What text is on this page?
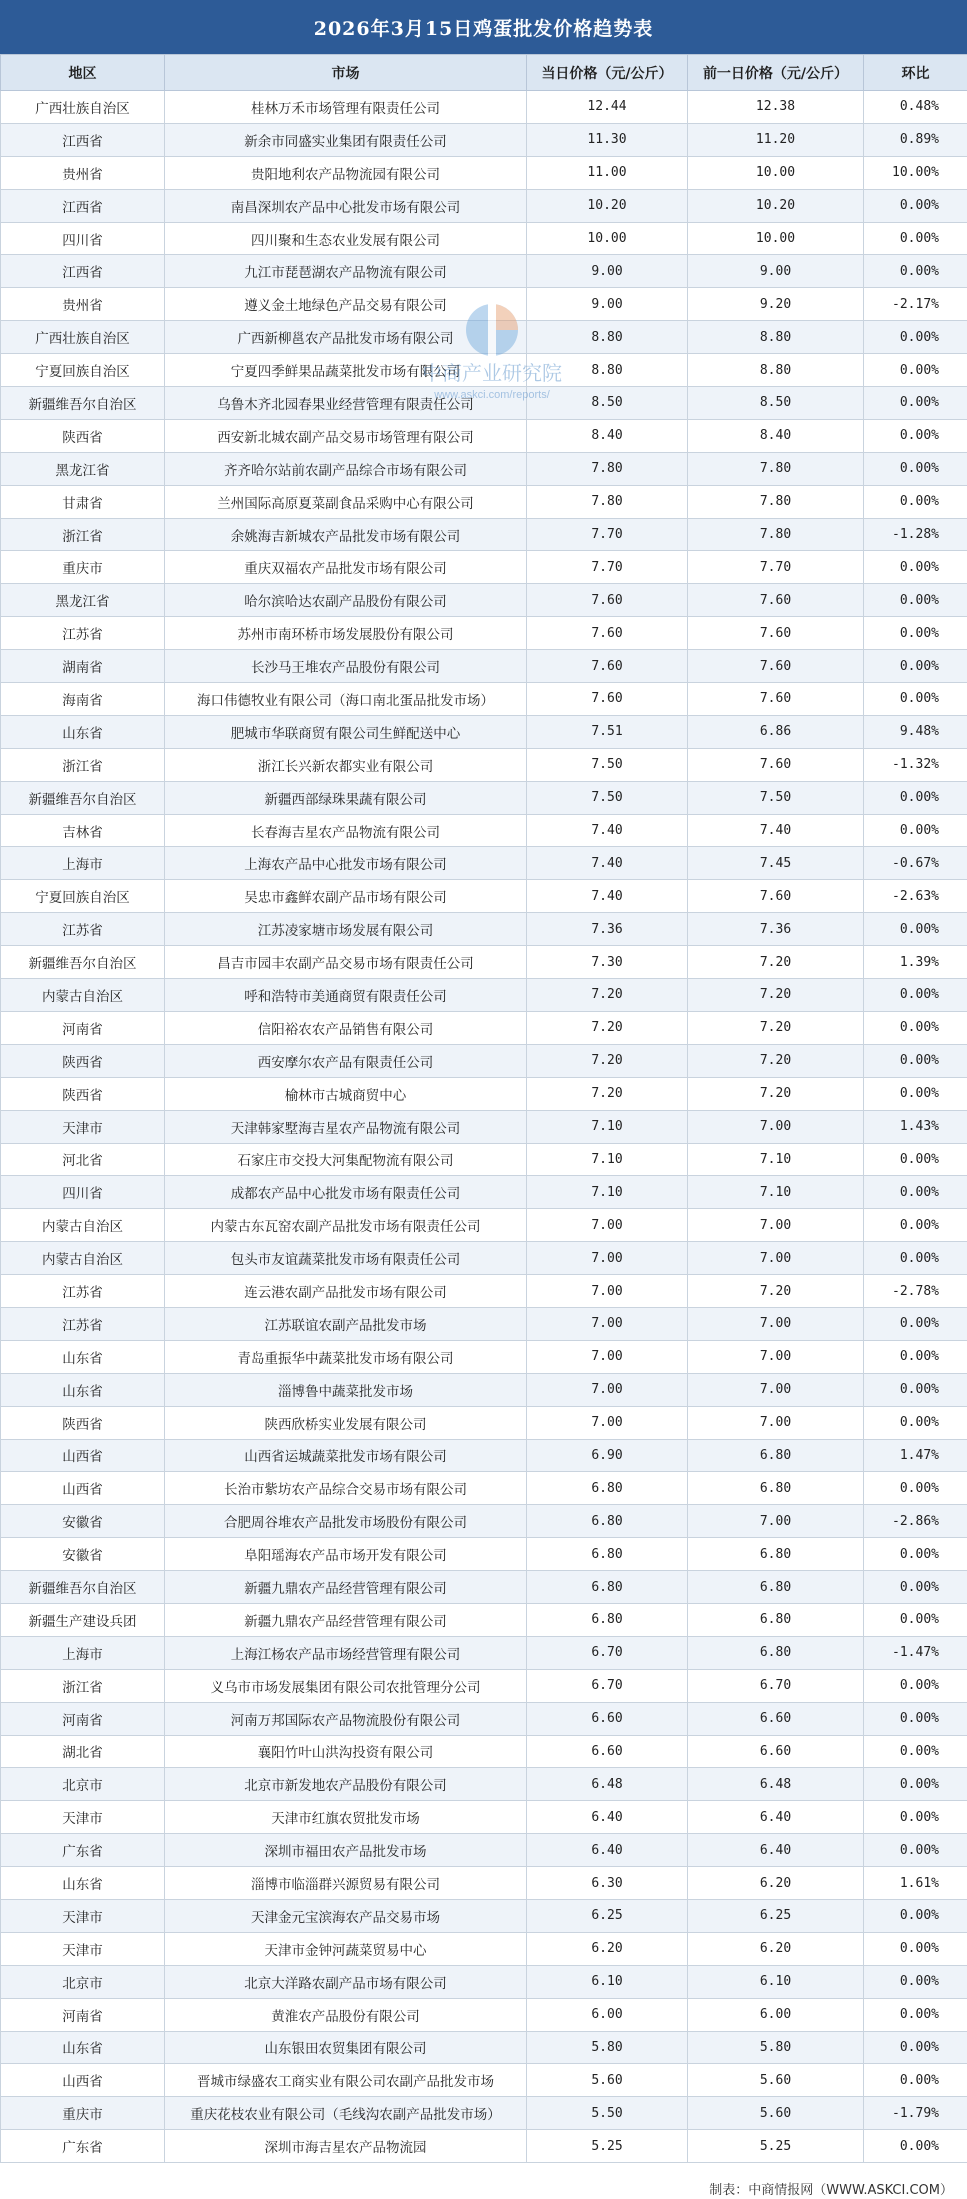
2026年3月15日鸡蛋批发价格趋势表
地区	市场	当日价格（元/公斤）	前一日价格（元/公斤）	环比
广西壮族自治区	桂林万禾市场管理有限责任公司	12.44	12.38	0.48%
江西省	新余市同盛实业集团有限责任公司	11.30	11.20	0.89%
贵州省	贵阳地利农产品物流园有限公司	11.00	10.00	10.00%
江西省	南昌深圳农产品中心批发市场有限公司	10.20	10.20	0.00%
四川省	四川聚和生态农业发展有限公司	10.00	10.00	0.00%
江西省	九江市琵琶湖农产品物流有限公司	9.00	9.00	0.00%
贵州省	遵义金土地绿色产品交易有限公司	9.00	9.20	-2.17%
广西壮族自治区	广西新柳邕农产品批发市场有限公司	8.80	8.80	0.00%
宁夏回族自治区	宁夏四季鲜果品蔬菜批发市场有限公司	8.80	8.80	0.00%
新疆维吾尔自治区	乌鲁木齐北园春果业经营管理有限责任公司	8.50	8.50	0.00%
陕西省	西安新北城农副产品交易市场管理有限公司	8.40	8.40	0.00%
黑龙江省	齐齐哈尔站前农副产品综合市场有限公司	7.80	7.80	0.00%
甘肃省	兰州国际高原夏菜副食品采购中心有限公司	7.80	7.80	0.00%
浙江省	余姚海吉新城农产品批发市场有限公司	7.70	7.80	-1.28%
重庆市	重庆双福农产品批发市场有限公司	7.70	7.70	0.00%
黑龙江省	哈尔滨哈达农副产品股份有限公司	7.60	7.60	0.00%
江苏省	苏州市南环桥市场发展股份有限公司	7.60	7.60	0.00%
湖南省	长沙马王堆农产品股份有限公司	7.60	7.60	0.00%
海南省	海口伟德牧业有限公司（海口南北蛋品批发市场）	7.60	7.60	0.00%
山东省	肥城市华联商贸有限公司生鲜配送中心	7.51	6.86	9.48%
浙江省	浙江长兴新农都实业有限公司	7.50	7.60	-1.32%
新疆维吾尔自治区	新疆西部绿珠果蔬有限公司	7.50	7.50	0.00%
吉林省	长春海吉星农产品物流有限公司	7.40	7.40	0.00%
上海市	上海农产品中心批发市场有限公司	7.40	7.45	-0.67%
宁夏回族自治区	吴忠市鑫鲜农副产品市场有限公司	7.40	7.60	-2.63%
江苏省	江苏凌家塘市场发展有限公司	7.36	7.36	0.00%
新疆维吾尔自治区	昌吉市园丰农副产品交易市场有限责任公司	7.30	7.20	1.39%
内蒙古自治区	呼和浩特市美通商贸有限责任公司	7.20	7.20	0.00%
河南省	信阳裕农农产品销售有限公司	7.20	7.20	0.00%
陕西省	西安摩尔农产品有限责任公司	7.20	7.20	0.00%
陕西省	榆林市古城商贸中心	7.20	7.20	0.00%
天津市	天津韩家墅海吉星农产品物流有限公司	7.10	7.00	1.43%
河北省	石家庄市交投大河集配物流有限公司	7.10	7.10	0.00%
四川省	成都农产品中心批发市场有限责任公司	7.10	7.10	0.00%
内蒙古自治区	内蒙古东瓦窑农副产品批发市场有限责任公司	7.00	7.00	0.00%
内蒙古自治区	包头市友谊蔬菜批发市场有限责任公司	7.00	7.00	0.00%
江苏省	连云港农副产品批发市场有限公司	7.00	7.20	-2.78%
江苏省	江苏联谊农副产品批发市场	7.00	7.00	0.00%
山东省	青岛重振华中蔬菜批发市场有限公司	7.00	7.00	0.00%
山东省	淄博鲁中蔬菜批发市场	7.00	7.00	0.00%
陕西省	陕西欣桥实业发展有限公司	7.00	7.00	0.00%
山西省	山西省运城蔬菜批发市场有限公司	6.90	6.80	1.47%
山西省	长治市紫坊农产品综合交易市场有限公司	6.80	6.80	0.00%
安徽省	合肥周谷堆农产品批发市场股份有限公司	6.80	7.00	-2.86%
安徽省	阜阳瑶海农产品市场开发有限公司	6.80	6.80	0.00%
新疆维吾尔自治区	新疆九鼎农产品经营管理有限公司	6.80	6.80	0.00%
新疆生产建设兵团	新疆九鼎农产品经营管理有限公司	6.80	6.80	0.00%
上海市	上海江杨农产品市场经营管理有限公司	6.70	6.80	-1.47%
浙江省	义乌市市场发展集团有限公司农批管理分公司	6.70	6.70	0.00%
河南省	河南万邦国际农产品物流股份有限公司	6.60	6.60	0.00%
湖北省	襄阳竹叶山洪沟投资有限公司	6.60	6.60	0.00%
北京市	北京市新发地农产品股份有限公司	6.48	6.48	0.00%
天津市	天津市红旗农贸批发市场	6.40	6.40	0.00%
广东省	深圳市福田农产品批发市场	6.40	6.40	0.00%
山东省	淄博市临淄群兴源贸易有限公司	6.30	6.20	1.61%
天津市	天津金元宝滨海农产品交易市场	6.25	6.25	0.00%
天津市	天津市金钟河蔬菜贸易中心	6.20	6.20	0.00%
北京市	北京大洋路农副产品市场有限公司	6.10	6.10	0.00%
河南省	黄淮农产品股份有限公司	6.00	6.00	0.00%
山东省	山东银田农贸集团有限公司	5.80	5.80	0.00%
山西省	晋城市绿盛农工商实业有限公司农副产品批发市场	5.60	5.60	0.00%
重庆市	重庆花枝农业有限公司（毛线沟农副产品批发市场）	5.50	5.60	-1.79%
广东省	深圳市海吉星农产品物流园	5.25	5.25	0.00%
中商产业研究院
www.askci.com/reports/
制表：中商情报网（WWW.ASKCI.COM）
